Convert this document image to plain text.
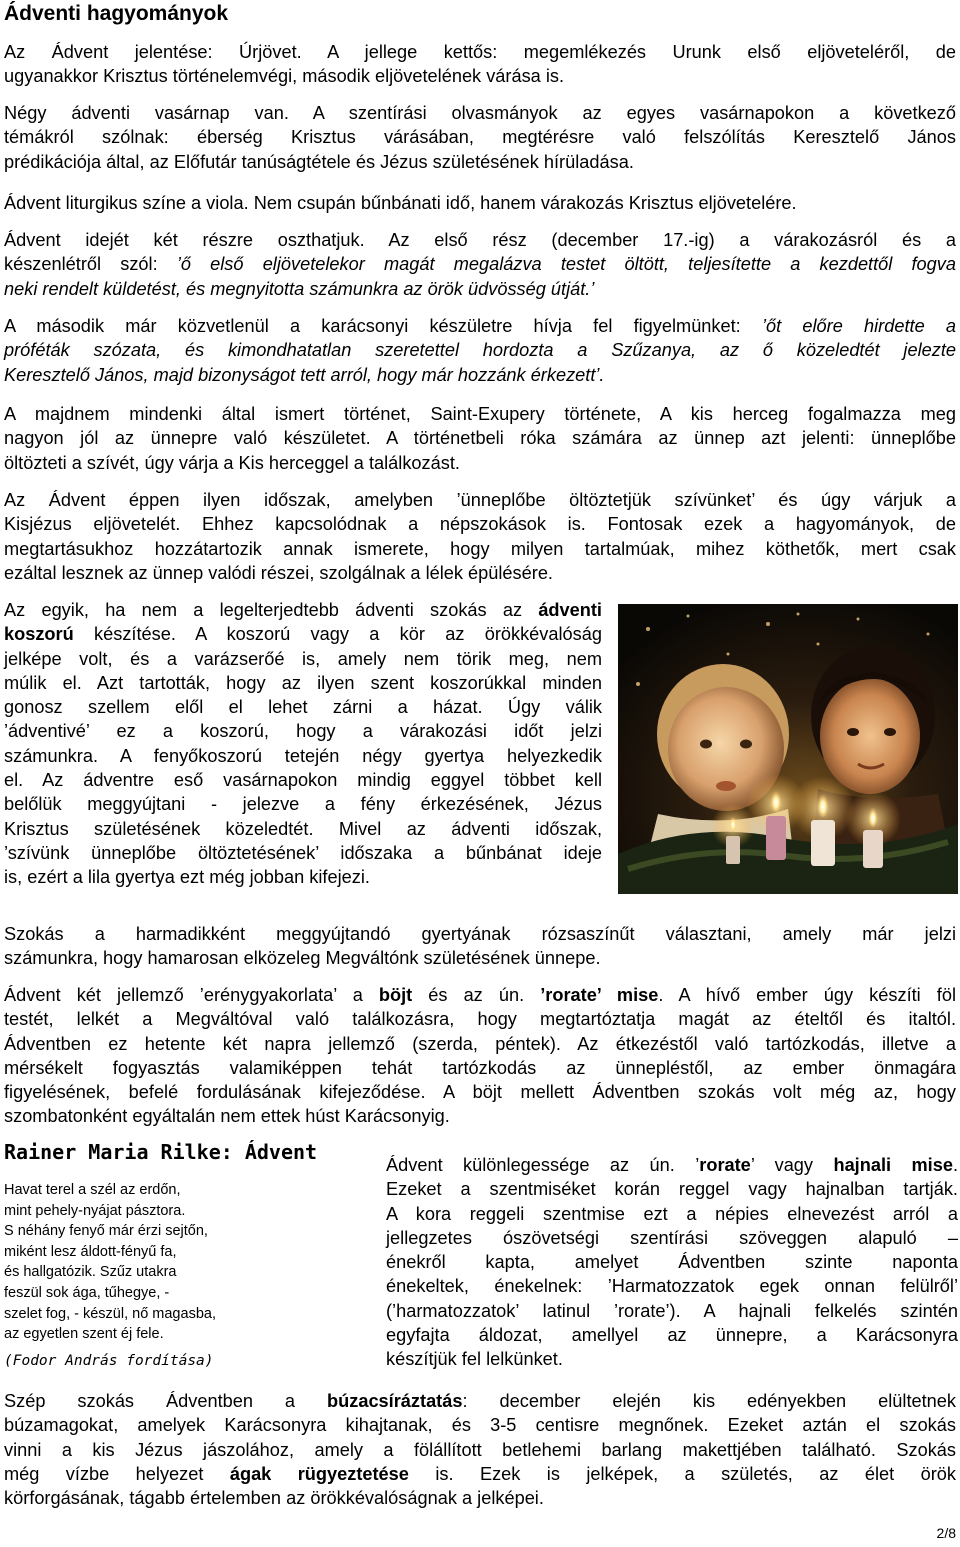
Ádventi hagyományok
Az Ádvent jelentése: Úrjövet. A jellege kettős: megemlékezés Urunk első eljöveteléről, de
ugyanakkor Krisztus történelemvégi, második eljövetelének várása is.
Négy ádventi vasárnap van. A szentírási olvasmányok az egyes vasárnapokon a következő
témákról szólnak: éberség Krisztus várásában, megtérésre való felszólítás Keresztelő János
prédikációja által, az Előfutár tanúságtétele és Jézus születésének hírüladása.
Ádvent liturgikus színe a viola. Nem csupán bűnbánati idő, hanem várakozás Krisztus eljövetelére.
Ádvent idejét két részre oszthatjuk. Az első rész (december 17.-ig) a várakozásról és a
készenlétről szól: ’ő első eljövetelekor magát megalázva testet öltött, teljesítette a kezdettől fogva
neki rendelt küldetést, és megnyitotta számunkra az örök üdvösség útját.’
A második már közvetlenül a karácsonyi készületre hívja fel figyelmünket: ’őt előre hirdette a
próféták szózata, és kimondhatatlan szeretettel hordozta a Szűzanya, az ő közeledtét jelezte
Keresztelő János, majd bizonyságot tett arról, hogy már hozzánk érkezett’.
A majdnem mindenki által ismert történet, Saint-Exupery története, A kis herceg fogalmazza meg
nagyon jól az ünnepre való készületet. A történetbeli róka számára az ünnep azt jelenti: ünneplőbe
öltözteti a szívét, úgy várja a Kis herceggel a találkozást.
Az Ádvent éppen ilyen időszak, amelyben ’ünneplőbe öltöztetjük szívünket’ és úgy várjuk a
Kisjézus eljövetelét. Ehhez kapcsolódnak a népszokások is. Fontosak ezek a hagyományok, de
megtartásukhoz hozzátartozik annak ismerete, hogy milyen tartalmúak, mihez köthetők, mert csak
ezáltal lesznek az ünnep valódi részei, szolgálnak a lélek épülésére.
Az egyik, ha nem a legelterjedtebb ádventi szokás az ádventi
koszorú készítése. A koszorú vagy a kör az örökkévalóság
jelképe volt, és a varázserőé is, amely nem törik meg, nem
múlik el. Azt tartották, hogy az ilyen szent koszorúkkal minden
gonosz szellem elől el lehet zárni a házat. Úgy válik
’ádventivé’ ez a koszorú, hogy a várakozási időt jelzi
számunkra. A fenyőkoszorú tetején négy gyertya helyezkedik
el. Az ádventre eső vasárnapokon mindig eggyel többet kell
belőlük meggyújtani - jelezve a fény érkezésének, Jézus
Krisztus születésének közeledtét. Mivel az ádventi időszak,
’szívünk ünneplőbe öltöztetésének’ időszaka a bűnbánat ideje
is, ezért a lila gyertya ezt még jobban kifejezi.
Szokás a harmadikként meggyújtandó gyertyának rózsaszínűt választani, amely már jelzi
számunkra, hogy hamarosan elközeleg Megváltónk születésének ünnepe.
Ádvent két jellemző ’erénygyakorlata’ a böjt és az ún. ’rorate’ mise. A hívő ember úgy készíti föl
testét, lelkét a Megváltóval való találkozásra, hogy megtartóztatja magát az ételtől és italtól.
Ádventben ez hetente két napra jellemző (szerda, péntek). Az étkezéstől való tartózkodás, illetve a
mérsékelt fogyasztás valamiképpen tehát tartózkodás az ünnepléstől, az ember önmagára
figyelésének, befelé fordulásának kifejeződése. A böjt mellett Ádventben szokás volt még az, hogy
szombatonként egyáltalán nem ettek húst Karácsonyig.
Rainer Maria Rilke: Ádvent
Havat terel a szél az erdőn,
mint pehely-nyájat pásztora.
S néhány fenyő már érzi sejtőn,
miként lesz áldott-fényű fa,
és hallgatózik. Szűz utakra
feszül sok ága, tűhegye, -
szelet fog, - készül, nő magasba,
az egyetlen szent éj fele.
(Fodor András fordítása)
Ádvent különlegessége az ún. ’rorate’ vagy hajnali mise.
Ezeket a szentmiséket korán reggel vagy hajnalban tartják.
A kora reggeli szentmise ezt a népies elnevezést arról a
jellegzetes ószövetségi szentírási szöveggen alapuló –
énekről kapta, amelyet Ádventben szinte naponta
énekeltek, énekelnek: ’Harmatozzatok egek onnan felülről’
(’harmatozzatok’ latinul ’rorate’). A hajnali felkelés szintén
egyfajta áldozat, amellyel az ünnepre, a Karácsonyra
készítjük fel lelkünket.
Szép szokás Ádventben a búzacsíráztatás: december elején kis edényekben elültetnek
búzamagokat, amelyek Karácsonyra kihajtanak, és 3-5 centisre megnőnek. Ezeket aztán el szokás
vinni a kis Jézus jászolához, amely a fölállított betlehemi barlang makettjében található. Szokás
még vízbe helyezet ágak rügyeztetése is. Ezek is jelképek, a születés, az élet örök
körforgásának, tágabb értelemben az örökkévalóságnak a jelképei.
2/8
